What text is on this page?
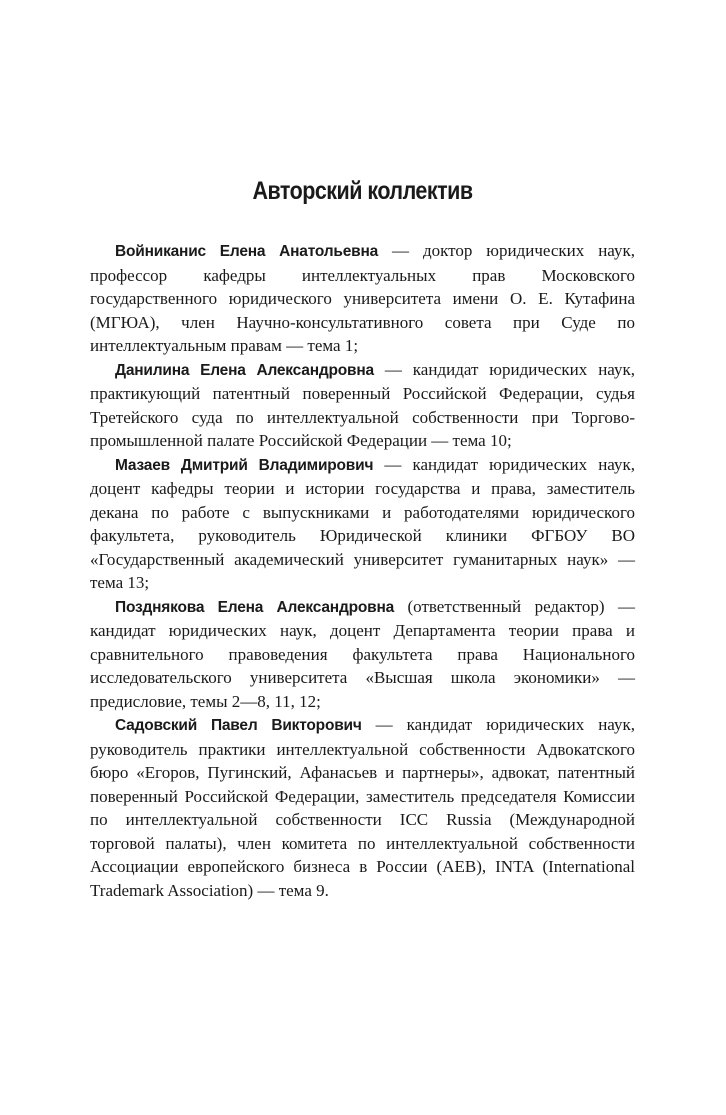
Авторский коллектив

Войниканис Елена Анатольевна — доктор юридических наук, профессор кафедры интеллектуальных прав Московского государственного юридического университета имени О. Е. Кутафина (МГЮА), член Научно-консультативного совета при Суде по интеллектуальным правам — тема 1;

Данилина Елена Александровна — кандидат юридических наук, практикующий патентный поверенный Российской Федерации, судья Третейского суда по интеллектуальной собственности при Торгово-промышленной палате Российской Федерации — тема 10;

Мазаев Дмитрий Владимирович — кандидат юридических наук, доцент кафедры теории и истории государства и права, заместитель декана по работе с выпускниками и работодателями юридического факультета, руководитель Юридической клиники ФГБОУ ВО «Государственный академический университет гуманитарных наук» — тема 13;

Позднякова Елена Александровна (ответственный редактор) — кандидат юридических наук, доцент Департамента теории права и сравнительного правоведения факультета права Национального исследовательского университета «Высшая школа экономики» — предисловие, темы 2—8, 11, 12;

Садовский Павел Викторович — кандидат юридических наук, руководитель практики интеллектуальной собственности Адвокатского бюро «Егоров, Пугинский, Афанасьев и партнеры», адвокат, патентный поверенный Российской Федерации, заместитель председателя Комиссии по интеллектуальной собственности ICC Russia (Международной торговой палаты), член комитета по интеллектуальной собственности Ассоциации европейского бизнеса в России (AEB), INTA (International Trademark Association) — тема 9.
